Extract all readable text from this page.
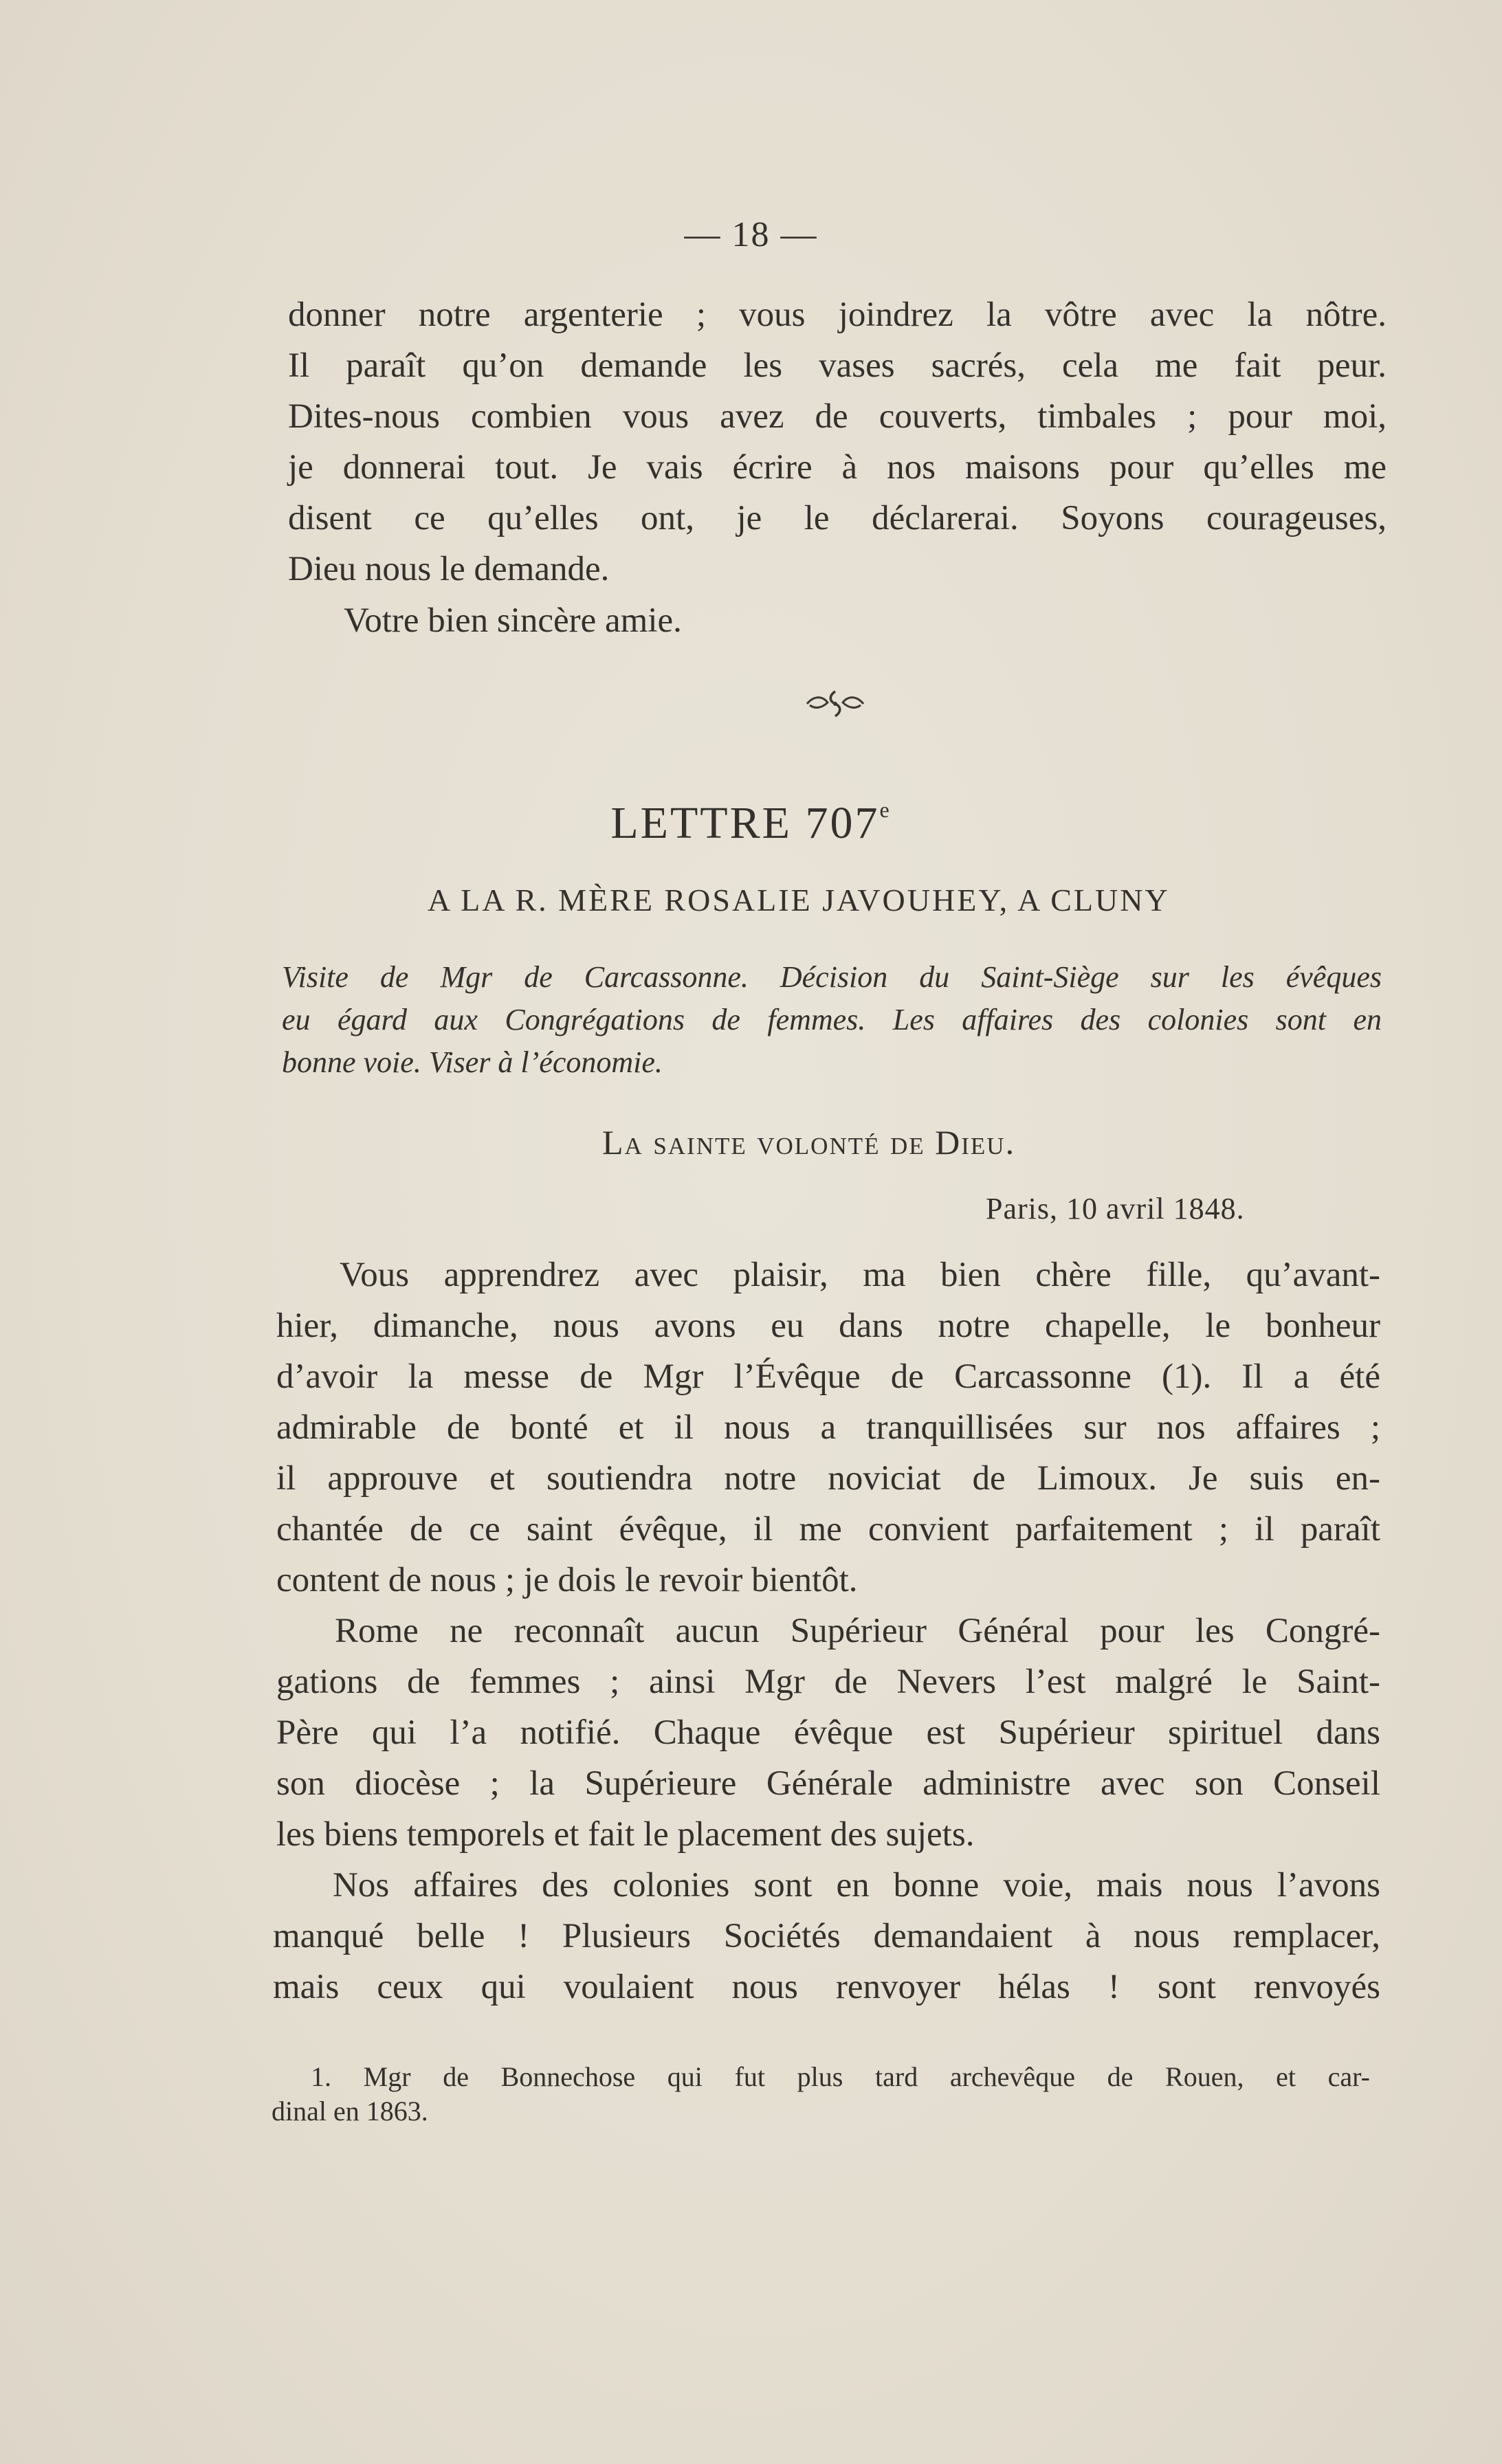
— 18 —
donner notre argenterie ; vous joindrez la vôtre avec la nôtre.
Il paraît qu’on demande les vases sacrés, cela me fait peur.
Dites-nous combien vous avez de couverts, timbales ; pour moi,
je donnerai tout. Je vais écrire à nos maisons pour qu’elles me
disent ce qu’elles ont, je le déclarerai. Soyons courageuses,
Dieu nous le demande.
Votre bien sincère amie.
LETTRE 707e
A LA R. MÈRE ROSALIE JAVOUHEY, A CLUNY
Visite de Mgr de Carcassonne. Décision du Saint-Siège sur les évêques
eu égard aux Congrégations de femmes. Les affaires des colonies sont en
bonne voie. Viser à l’économie.
La sainte volonté de Dieu.
Paris, 10 avril 1848.
Vous apprendrez avec plaisir, ma bien chère fille, qu’avant-
hier, dimanche, nous avons eu dans notre chapelle, le bonheur
d’avoir la messe de Mgr l’Évêque de Carcassonne (1). Il a été
admirable de bonté et il nous a tranquillisées sur nos affaires ;
il approuve et soutiendra notre noviciat de Limoux. Je suis en-
chantée de ce saint évêque, il me convient parfaitement ; il paraît
content de nous ; je dois le revoir bientôt.
Rome ne reconnaît aucun Supérieur Général pour les Congré-
gations de femmes ; ainsi Mgr de Nevers l’est malgré le Saint-
Père qui l’a notifié. Chaque évêque est Supérieur spirituel dans
son diocèse ; la Supérieure Générale administre avec son Conseil
les biens temporels et fait le placement des sujets.
Nos affaires des colonies sont en bonne voie, mais nous l’avons
manqué belle ! Plusieurs Sociétés demandaient à nous remplacer,
mais ceux qui voulaient nous renvoyer hélas ! sont renvoyés
1. Mgr de Bonnechose qui fut plus tard archevêque de Rouen, et car-
dinal en 1863.
